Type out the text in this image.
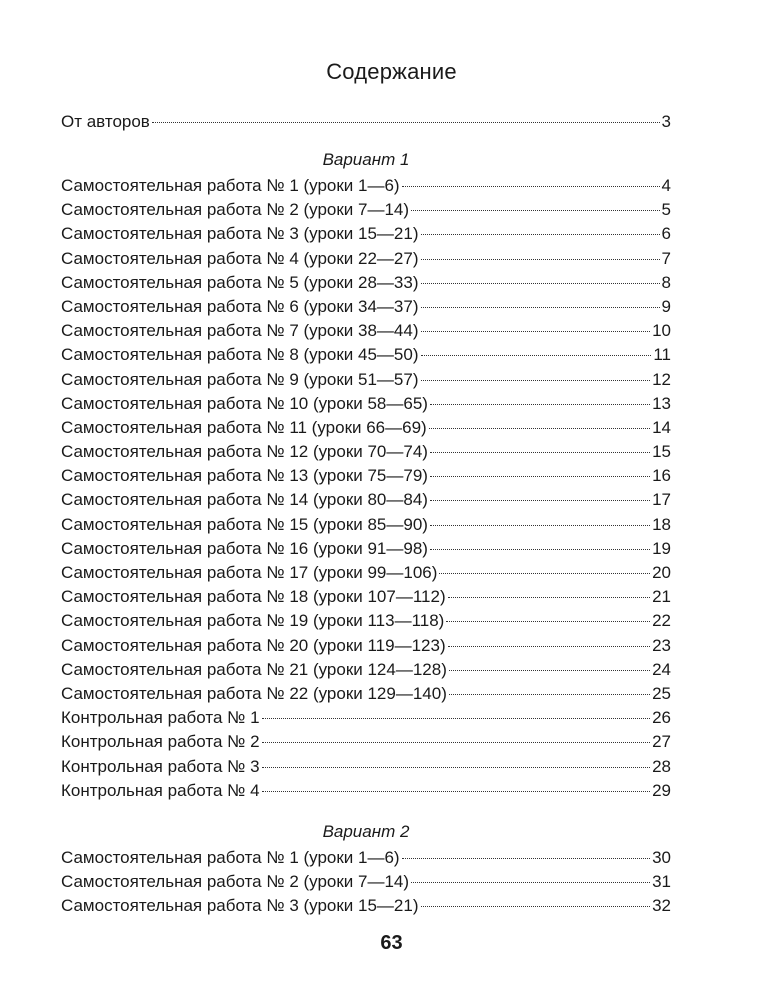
Содержание
От авторов	3
Вариант 1
Самостоятельная работа № 1 (уроки 1—6)	4
Самостоятельная работа № 2 (уроки 7—14)	5
Самостоятельная работа № 3 (уроки 15—21)	6
Самостоятельная работа № 4 (уроки 22—27)	7
Самостоятельная работа № 5 (уроки 28—33)	8
Самостоятельная работа № 6 (уроки 34—37)	9
Самостоятельная работа № 7 (уроки 38—44)	10
Самостоятельная работа № 8 (уроки 45—50)	11
Самостоятельная работа № 9 (уроки 51—57)	12
Самостоятельная работа № 10 (уроки 58—65)	13
Самостоятельная работа № 11 (уроки 66—69)	14
Самостоятельная работа № 12 (уроки 70—74)	15
Самостоятельная работа № 13 (уроки 75—79)	16
Самостоятельная работа № 14 (уроки 80—84)	17
Самостоятельная работа № 15 (уроки 85—90)	18
Самостоятельная работа № 16 (уроки 91—98)	19
Самостоятельная работа № 17 (уроки 99—106)	20
Самостоятельная работа № 18 (уроки 107—112)	21
Самостоятельная работа № 19 (уроки 113—118)	22
Самостоятельная работа № 20 (уроки 119—123)	23
Самостоятельная работа № 21 (уроки 124—128)	24
Самостоятельная работа № 22 (уроки 129—140)	25
Контрольная работа № 1	26
Контрольная работа № 2	27
Контрольная работа № 3	28
Контрольная работа № 4	29
Вариант 2
Самостоятельная работа № 1 (уроки 1—6)	30
Самостоятельная работа № 2 (уроки 7—14)	31
Самостоятельная работа № 3 (уроки 15—21)	32
63
